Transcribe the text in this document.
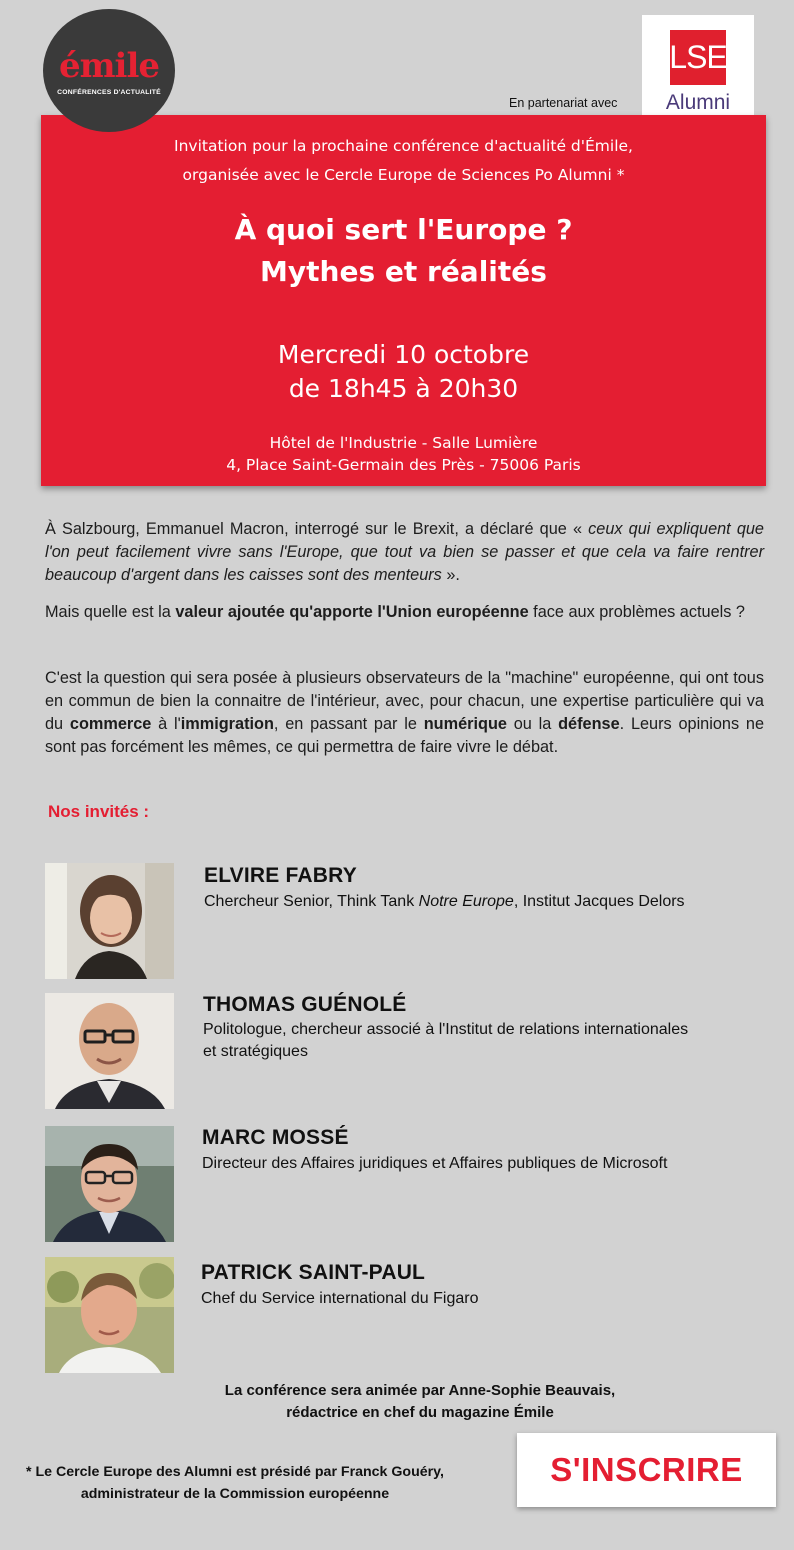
émile
CONFÉRENCES D'ACTUALITÉ
En partenariat avec
LSE
Alumni
Invitation pour la prochaine conférence d'actualité d'Émile,
organisée avec le Cercle Europe de Sciences Po Alumni *
À quoi sert l'Europe ?
Mythes et réalités
Mercredi 10 octobre
de 18h45 à 20h30
Hôtel de l'Industrie - Salle Lumière
4, Place Saint-Germain des Près - 75006 Paris

À Salzbourg, Emmanuel Macron, interrogé sur le Brexit, a déclaré que « ceux qui expliquent que l'on peut facilement vivre sans l'Europe, que tout va bien se passer et que cela va faire rentrer beaucoup d'argent dans les caisses sont des menteurs ».

Mais quelle est la valeur ajoutée qu'apporte l'Union européenne face aux problèmes actuels ?

C'est la question qui sera posée à plusieurs observateurs de la "machine" européenne, qui ont tous en commun de bien la connaitre de l'intérieur, avec, pour chacun, une expertise particulière qui va du commerce à l'immigration, en passant par le numérique ou la défense. Leurs opinions ne sont pas forcément les mêmes, ce qui permettra de faire vivre le débat.

Nos invités :
ELVIRE FABRY
Chercheur Senior, Think Tank Notre Europe, Institut Jacques Delors
THOMAS GUÉNOLÉ
Politologue, chercheur associé à l'Institut de relations internationales
et stratégiques
MARC MOSSÉ
Directeur des Affaires juridiques et Affaires publiques de Microsoft
PATRICK SAINT-PAUL
Chef du Service international du Figaro
La conférence sera animée par Anne-Sophie Beauvais,
rédactrice en chef du magazine Émile
* Le Cercle Europe des Alumni est présidé par Franck Gouéry,
administrateur de la Commission européenne
S'INSCRIRE
